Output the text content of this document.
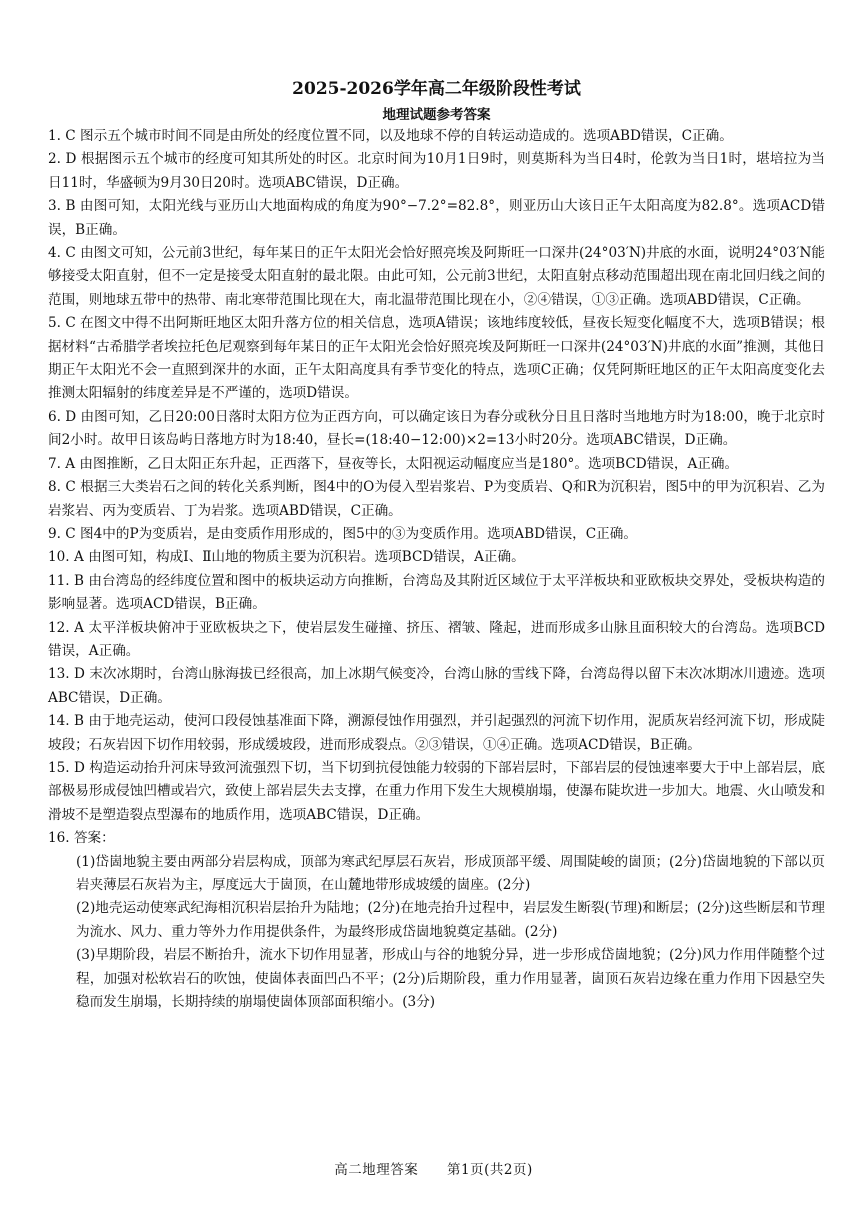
2025-2026学年高二年级阶段性考试
地理试题参考答案

1. C 图示五个城市时间不同是由所处的经度位置不同，以及地球不停的自转运动造成的。选项ABD错误，C正确。

2. D 根据图示五个城市的经度可知其所处的时区。北京时间为10月1日9时，则莫斯科为当日4时，伦敦为当日1时，堪培拉为当日11时，华盛顿为9月30日20时。选项ABC错误，D正确。

3. B 由图可知，太阳光线与亚历山大地面构成的角度为90°−7.2°=82.8°，则亚历山大该日正午太阳高度为82.8°。选项ACD错误，B正确。

4. C 由图文可知，公元前3世纪，每年某日的正午太阳光会恰好照亮埃及阿斯旺一口深井(24°03′N)井底的水面，说明24°03′N能够接受太阳直射，但不一定是接受太阳直射的最北限。由此可知，公元前3世纪，太阳直射点移动范围超出现在南北回归线之间的范围，则地球五带中的热带、南北寒带范围比现在大，南北温带范围比现在小，②④错误，①③正确。选项ABD错误，C正确。

5. C 在图文中得不出阿斯旺地区太阳升落方位的相关信息，选项A错误；该地纬度较低，昼夜长短变化幅度不大，选项B错误；根据材料“古希腊学者埃拉托色尼观察到每年某日的正午太阳光会恰好照亮埃及阿斯旺一口深井(24°03′N)井底的水面”推测，其他日期正午太阳光不会一直照到深井的水面，正午太阳高度具有季节变化的特点，选项C正确；仅凭阿斯旺地区的正午太阳高度变化去推测太阳辐射的纬度差异是不严谨的，选项D错误。

6. D 由图可知，乙日20:00日落时太阳方位为正西方向，可以确定该日为春分或秋分日且日落时当地地方时为18:00，晚于北京时间2小时。故甲日该岛屿日落地方时为18:40，昼长=(18:40−12:00)×2=13小时20分。选项ABC错误，D正确。

7. A 由图推断，乙日太阳正东升起，正西落下，昼夜等长，太阳视运动幅度应当是180°。选项BCD错误，A正确。

8. C 根据三大类岩石之间的转化关系判断，图4中的O为侵入型岩浆岩、P为变质岩、Q和R为沉积岩，图5中的甲为沉积岩、乙为岩浆岩、丙为变质岩、丁为岩浆。选项ABD错误，C正确。

9. C 图4中的P为变质岩，是由变质作用形成的，图5中的③为变质作用。选项ABD错误，C正确。

10. A 由图可知，构成Ⅰ、Ⅱ山地的物质主要为沉积岩。选项BCD错误，A正确。

11. B 由台湾岛的经纬度位置和图中的板块运动方向推断，台湾岛及其附近区域位于太平洋板块和亚欧板块交界处，受板块构造的影响显著。选项ACD错误，B正确。

12. A 太平洋板块俯冲于亚欧板块之下，使岩层发生碰撞、挤压、褶皱、隆起，进而形成多山脉且面积较大的台湾岛。选项BCD错误，A正确。

13. D 末次冰期时，台湾山脉海拔已经很高，加上冰期气候变冷，台湾山脉的雪线下降，台湾岛得以留下末次冰期冰川遗迹。选项ABC错误，D正确。

14. B 由于地壳运动，使河口段侵蚀基准面下降，溯源侵蚀作用强烈，并引起强烈的河流下切作用，泥质灰岩经河流下切，形成陡坡段；石灰岩因下切作用较弱，形成缓坡段，进而形成裂点。②③错误，①④正确。选项ACD错误，B正确。

15. D 构造运动抬升河床导致河流强烈下切，当下切到抗侵蚀能力较弱的下部岩层时，下部岩层的侵蚀速率要大于中上部岩层，底部极易形成侵蚀凹槽或岩穴，致使上部岩层失去支撑，在重力作用下发生大规模崩塌，使瀑布陡坎进一步加大。地震、火山喷发和滑坡不是塑造裂点型瀑布的地质作用，选项ABC错误，D正确。

16. 答案：

(1)岱崮地貌主要由两部分岩层构成，顶部为寒武纪厚层石灰岩，形成顶部平缓、周围陡峻的崮顶；(2分)岱崮地貌的下部以页岩夹薄层石灰岩为主，厚度远大于崮顶，在山麓地带形成坡缓的崮座。(2分)

(2)地壳运动使寒武纪海相沉积岩层抬升为陆地；(2分)在地壳抬升过程中，岩层发生断裂(节理)和断层；(2分)这些断层和节理为流水、风力、重力等外力作用提供条件，为最终形成岱崮地貌奠定基础。(2分)

(3)早期阶段，岩层不断抬升，流水下切作用显著，形成山与谷的地貌分异，进一步形成岱崮地貌；(2分)风力作用伴随整个过程，加强对松软岩石的吹蚀，使崮体表面凹凸不平；(2分)后期阶段，重力作用显著，崮顶石灰岩边缘在重力作用下因悬空失稳而发生崩塌，长期持续的崩塌使崮体顶部面积缩小。(3分)

高二地理答案 第1页(共2页)
